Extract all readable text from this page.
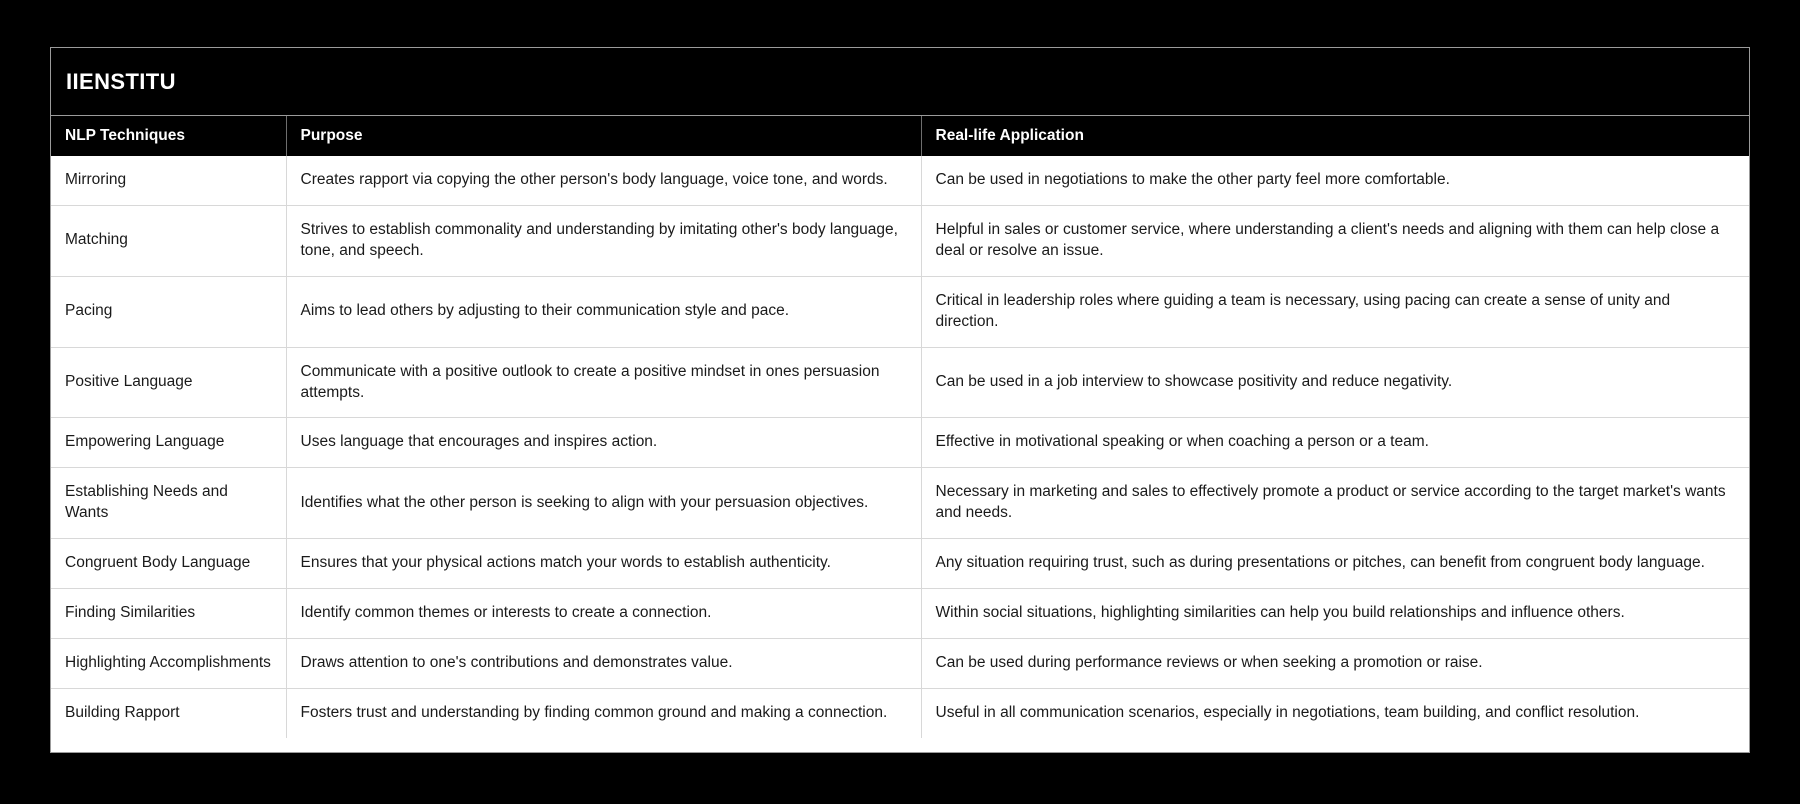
IIENSTITU
NLP Techniques	Purpose	Real-life Application
Mirroring	Creates rapport via copying the other person's body language, voice tone, and words.	Can be used in negotiations to make the other party feel more comfortable.
Matching	Strives to establish commonality and understanding by imitating other's body language, tone, and speech.	Helpful in sales or customer service, where understanding a client's needs and aligning with them can help close a deal or resolve an issue.
Pacing	Aims to lead others by adjusting to their communication style and pace.	Critical in leadership roles where guiding a team is necessary, using pacing can create a sense of unity and direction.
Positive Language	Communicate with a positive outlook to create a positive mindset in ones persuasion attempts.	Can be used in a job interview to showcase positivity and reduce negativity.
Empowering Language	Uses language that encourages and inspires action.	Effective in motivational speaking or when coaching a person or a team.
Establishing Needs and Wants	Identifies what the other person is seeking to align with your persuasion objectives.	Necessary in marketing and sales to effectively promote a product or service according to the target market's wants and needs.
Congruent Body Language	Ensures that your physical actions match your words to establish authenticity.	Any situation requiring trust, such as during presentations or pitches, can benefit from congruent body language.
Finding Similarities	Identify common themes or interests to create a connection.	Within social situations, highlighting similarities can help you build relationships and influence others.
Highlighting Accomplishments	Draws attention to one's contributions and demonstrates value.	Can be used during performance reviews or when seeking a promotion or raise.
Building Rapport	Fosters trust and understanding by finding common ground and making a connection.	Useful in all communication scenarios, especially in negotiations, team building, and conflict resolution.
